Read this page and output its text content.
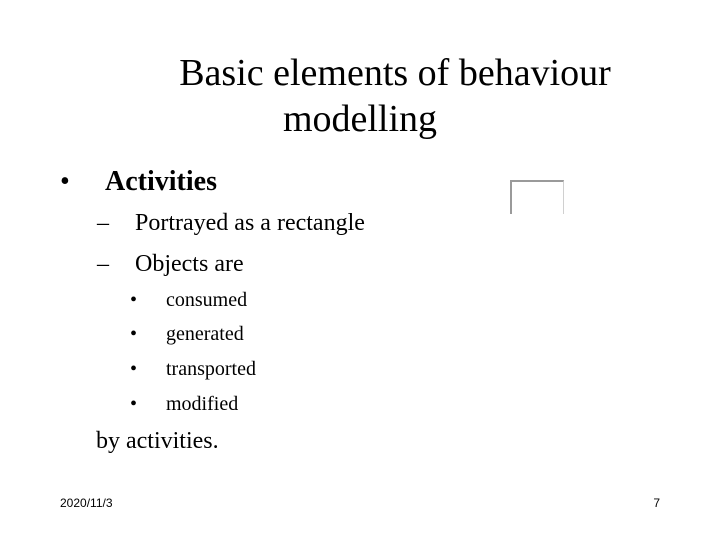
Basic elements of behaviour
modelling
• Activities
– Portrayed as a rectangle
– Objects are
• consumed
• generated
• transported
• modified
by activities.
2020/11/3	7
